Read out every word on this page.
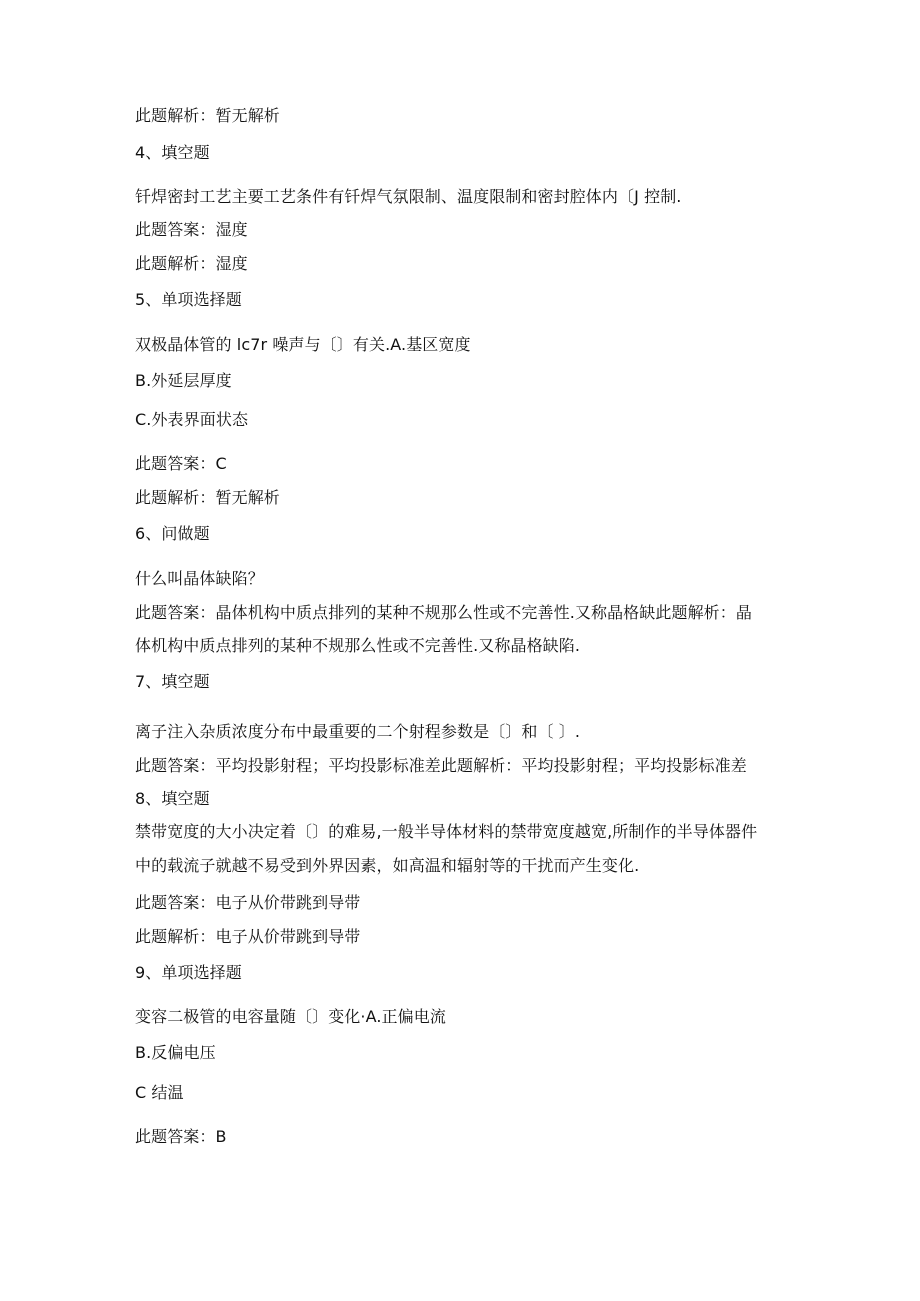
此题解析：暂无解析
4、填空题
钎焊密封工艺主要工艺条件有钎焊气氛限制、温度限制和密封腔体内〔J 控制.
此题答案：湿度
此题解析：湿度
5、单项选择题
双极晶体管的 lc7r 噪声与〔〕有关.A.基区宽度
B.外延层厚度
C.外表界面状态
此题答案：C
此题解析：暂无解析
6、问做题
什么叫晶体缺陷？
此题答案：晶体机构中质点排列的某种不规那么性或不完善性.又称晶格缺此题解析：晶
体机构中质点排列的某种不规那么性或不完善性.又称晶格缺陷.
7、填空题
离子注入杂质浓度分布中最重要的二个射程参数是〔〕和〔 〕.
此题答案：平均投影射程；平均投影标准差此题解析：平均投影射程；平均投影标准差
8、填空题
禁带宽度的大小决定着〔〕的难易,一般半导体材料的禁带宽度越宽,所制作的半导体器件
中的载流子就越不易受到外界因素，如高温和辐射等的干扰而产生变化.
此题答案：电子从价带跳到导带
此题解析：电子从价带跳到导带
9、单项选择题
变容二极管的电容量随〔〕变化·A.正偏电流
B.反偏电压
C 结温
此题答案：B
